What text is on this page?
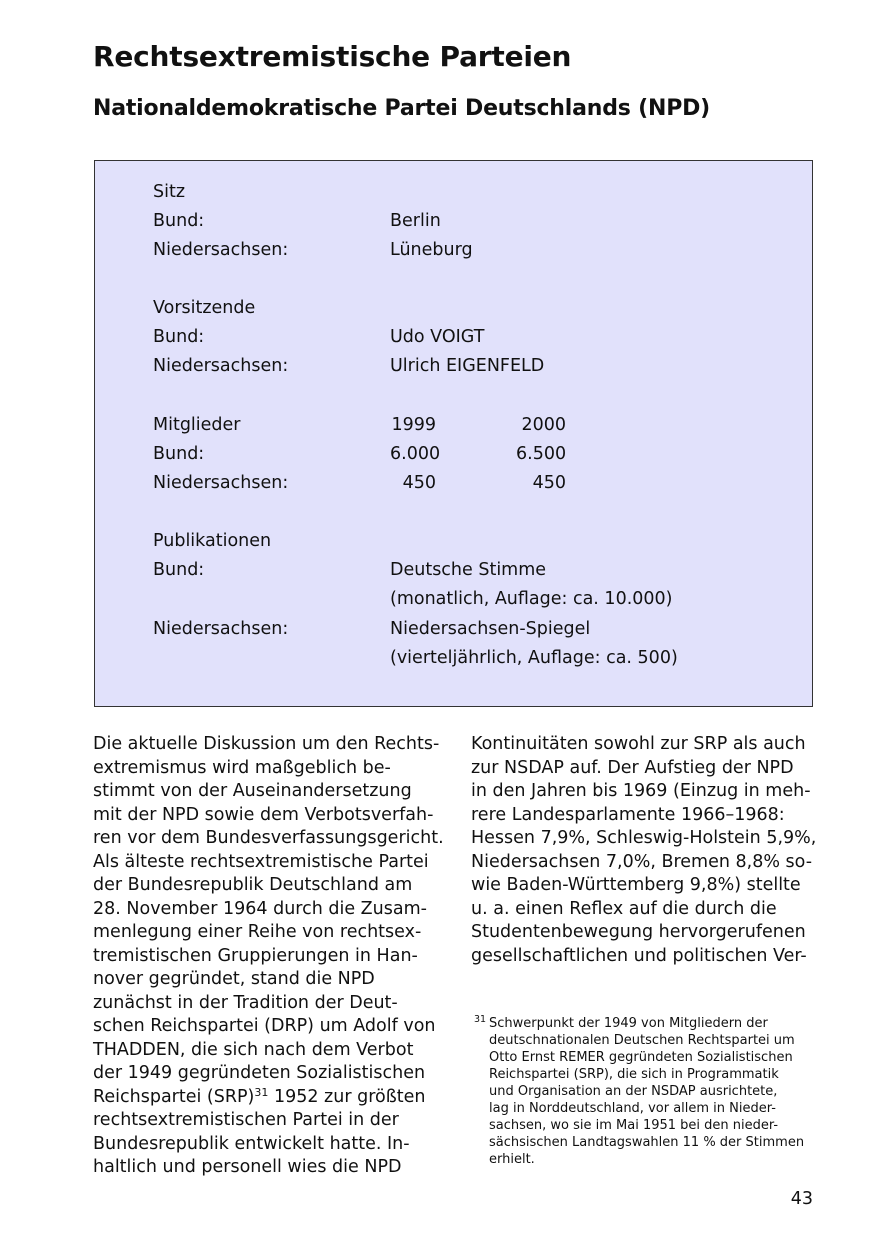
Rechtsextremistische Parteien
Nationaldemokratische Partei Deutschlands (NPD)
Sitz
Bund:	Berlin
Niedersachsen:	Lüneburg
Vorsitzende
Bund:	Udo VOIGT
Niedersachsen:	Ulrich EIGENFELD
Mitglieder	1999	2000
Bund:	6.000	6.500
Niedersachsen:	450	450
Publikationen
Bund:	Deutsche Stimme
(monatlich, Auflage: ca. 10.000)
Niedersachsen:	Niedersachsen-Spiegel
(vierteljährlich, Auflage: ca. 500)
Die aktuelle Diskussion um den Rechts-
extremismus wird maßgeblich be-
stimmt von der Auseinandersetzung
mit der NPD sowie dem Verbotsverfah-
ren vor dem Bundesverfassungsgericht.
Als älteste rechtsextremistische Partei
der Bundesrepublik Deutschland am
28. November 1964 durch die Zusam-
menlegung einer Reihe von rechtsex-
tremistischen Gruppierungen in Han-
nover gegründet, stand die NPD
zunächst in der Tradition der Deut-
schen Reichspartei (DRP) um Adolf von
THADDEN, die sich nach dem Verbot
der 1949 gegründeten Sozialistischen
Reichspartei (SRP)$^{31}$ 1952 zur größten
rechtsextremistischen Partei in der
Bundesrepublik entwickelt hatte. In-
haltlich und personell wies die NPD
Kontinuitäten sowohl zur SRP als auch
zur NSDAP auf. Der Aufstieg der NPD
in den Jahren bis 1969 (Einzug in meh-
rere Landesparlamente 1966–1968:
Hessen 7,9%, Schleswig-Holstein 5,9%,
Niedersachsen 7,0%, Bremen 8,8% so-
wie Baden-Württemberg 9,8%) stellte
u. a. einen Reflex auf die durch die
Studentenbewegung hervorgerufenen
gesellschaftlichen und politischen Ver-
31 Schwerpunkt der 1949 von Mitgliedern der
deutschnationalen Deutschen Rechtspartei um
Otto Ernst REMER gegründeten Sozialistischen
Reichspartei (SRP), die sich in Programmatik
und Organisation an der NSDAP ausrichtete,
lag in Norddeutschland, vor allem in Nieder-
sachsen, wo sie im Mai 1951 bei den nieder-
sächsischen Landtagswahlen 11 % der Stimmen
erhielt.
43
